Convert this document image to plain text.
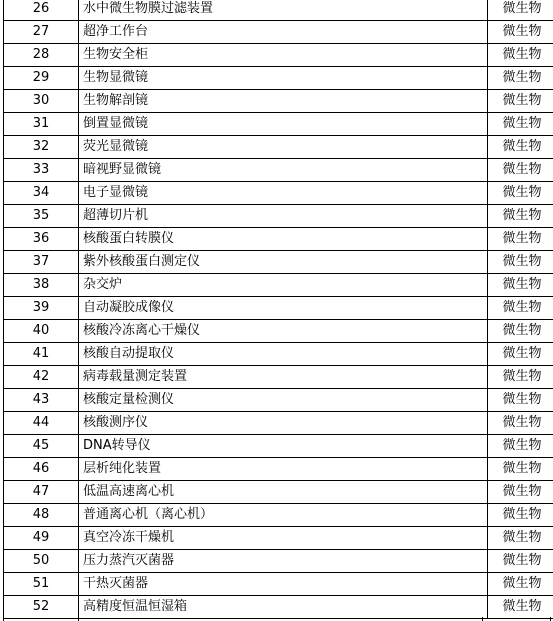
26	水中微生物膜过滤装置	微生物
27	超净工作台	微生物
28	生物安全柜	微生物
29	生物显微镜	微生物
30	生物解剖镜	微生物
31	倒置显微镜	微生物
32	荧光显微镜	微生物
33	暗视野显微镜	微生物
34	电子显微镜	微生物
35	超薄切片机	微生物
36	核酸蛋白转膜仪	微生物
37	紫外核酸蛋白测定仪	微生物
38	杂交炉	微生物
39	自动凝胶成像仪	微生物
40	核酸冷冻离心干燥仪	微生物
41	核酸自动提取仪	微生物
42	病毒载量测定装置	微生物
43	核酸定量检测仪	微生物
44	核酸测序仪	微生物
45	DNA转导仪	微生物
46	层析纯化装置	微生物
47	低温高速离心机	微生物
48	普通离心机（离心机）	微生物
49	真空冷冻干燥机	微生物
50	压力蒸汽灭菌器	微生物
51	干热灭菌器	微生物
52	高精度恒温恒湿箱	微生物
